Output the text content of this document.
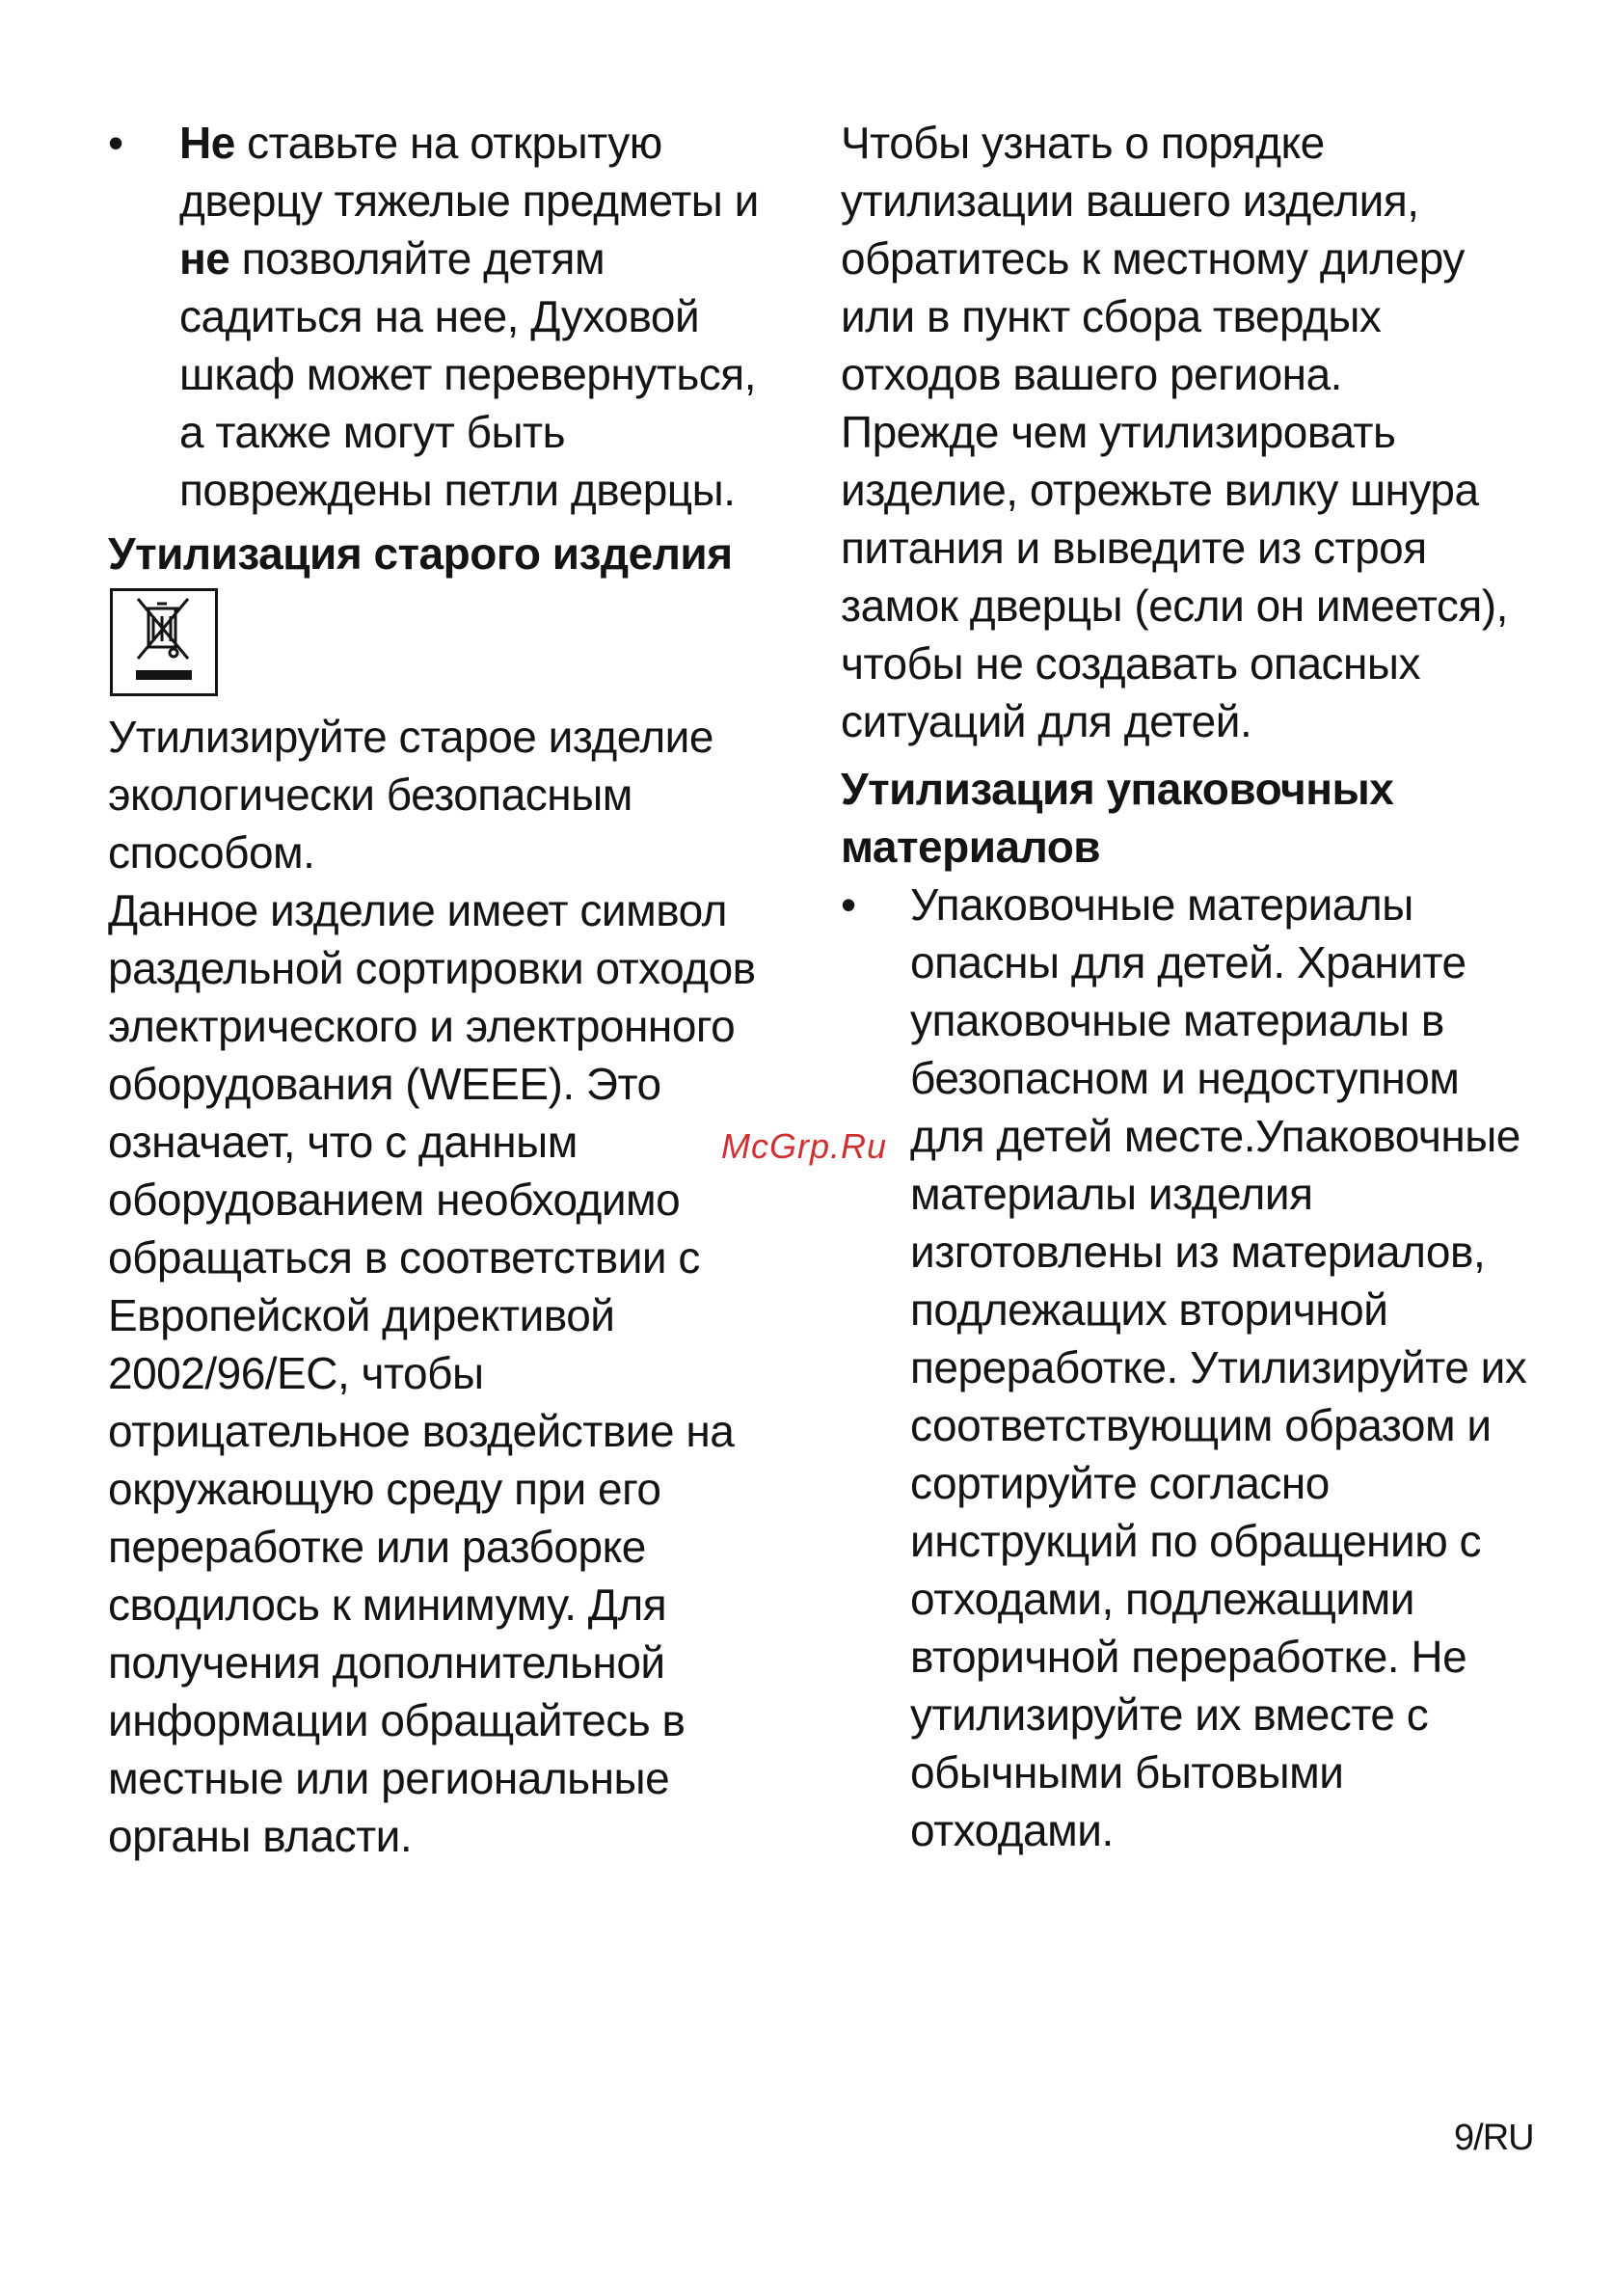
• Не ставьте на открытую дверцу тяжелые предметы и не позволяйте детям садиться на нее, Духовой шкаф может перевернуться, а также могут быть повреждены петли дверцы.

Утилизация старого изделия

Утилизируйте старое изделие экологически безопасным способом.

Данное изделие имеет символ раздельной сортировки отходов электрического и электронного оборудования (WEEE). Это означает, что с данным оборудованием необходимо обращаться в соответствии с Европейской директивой 2002/96/ЕС, чтобы отрицательное воздействие на окружающую среду при его переработке или разборке сводилось к минимуму. Для получения дополнительной информации обращайтесь в местные или региональные органы власти.

Чтобы узнать о порядке утилизации вашего изделия, обратитесь к местному дилеру или в пункт сбора твердых отходов вашего региона.

Прежде чем утилизировать изделие, отрежьте вилку шнура питания и выведите из строя замок дверцы (если он имеется), чтобы не создавать опасных ситуаций для детей.

Утилизация упаковочных материалов

• Упаковочные материалы опасны для детей. Храните упаковочные материалы в безопасном и недоступном для детей месте.Упаковочные материалы изделия изготовлены из материалов, подлежащих вторичной переработке. Утилизируйте их соответствующим образом и сортируйте согласно инструкций по обращению с отходами, подлежащими вторичной переработке. Не утилизируйте их вместе с обычными бытовыми отходами.

McGrp.Ru
9/RU
